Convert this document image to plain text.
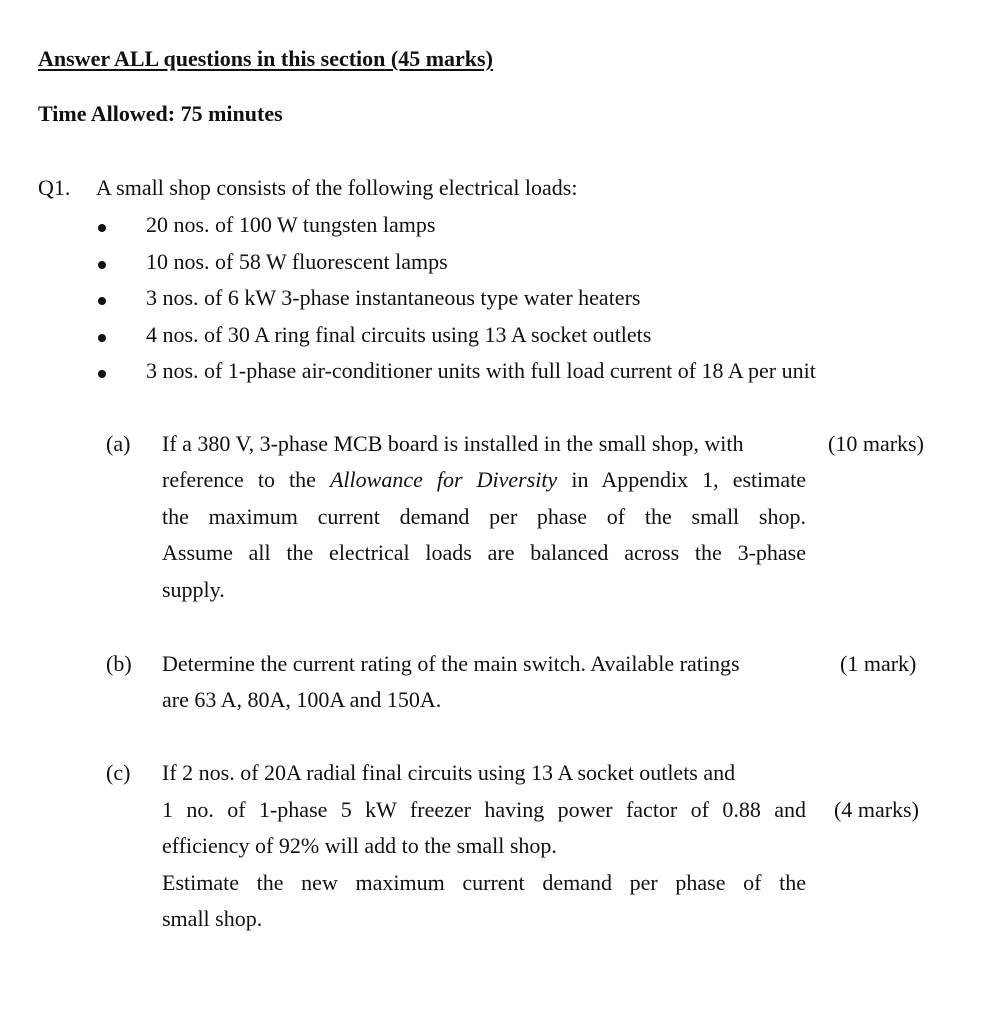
Answer ALL questions in this section (45 marks)
Time Allowed: 75 minutes
Q1. A small shop consists of the following electrical loads:
20 nos. of 100 W tungsten lamps
10 nos. of 58 W fluorescent lamps
3 nos. of 6 kW 3-phase instantaneous type water heaters
4 nos. of 30 A ring final circuits using 13 A socket outlets
3 nos. of 1-phase air-conditioner units with full load current of 18 A per unit
(a)	(10 marks)
If a 380 V, 3-phase MCB board is installed in the small shop, with
reference to the Allowance for Diversity in Appendix 1, estimate
the maximum current demand per phase of the small shop.
Assume all the electrical loads are balanced across the 3-phase
supply.
(b)	(1 mark)
Determine the current rating of the main switch. Available ratings
are 63 A, 80A, 100A and 150A.
(c)
(4 marks)
If 2 nos. of 20A radial final circuits using 13 A socket outlets and
1 no. of 1-phase 5 kW freezer having power factor of 0.88 and
efficiency of 92% will add to the small shop.
Estimate the new maximum current demand per phase of the
small shop.
